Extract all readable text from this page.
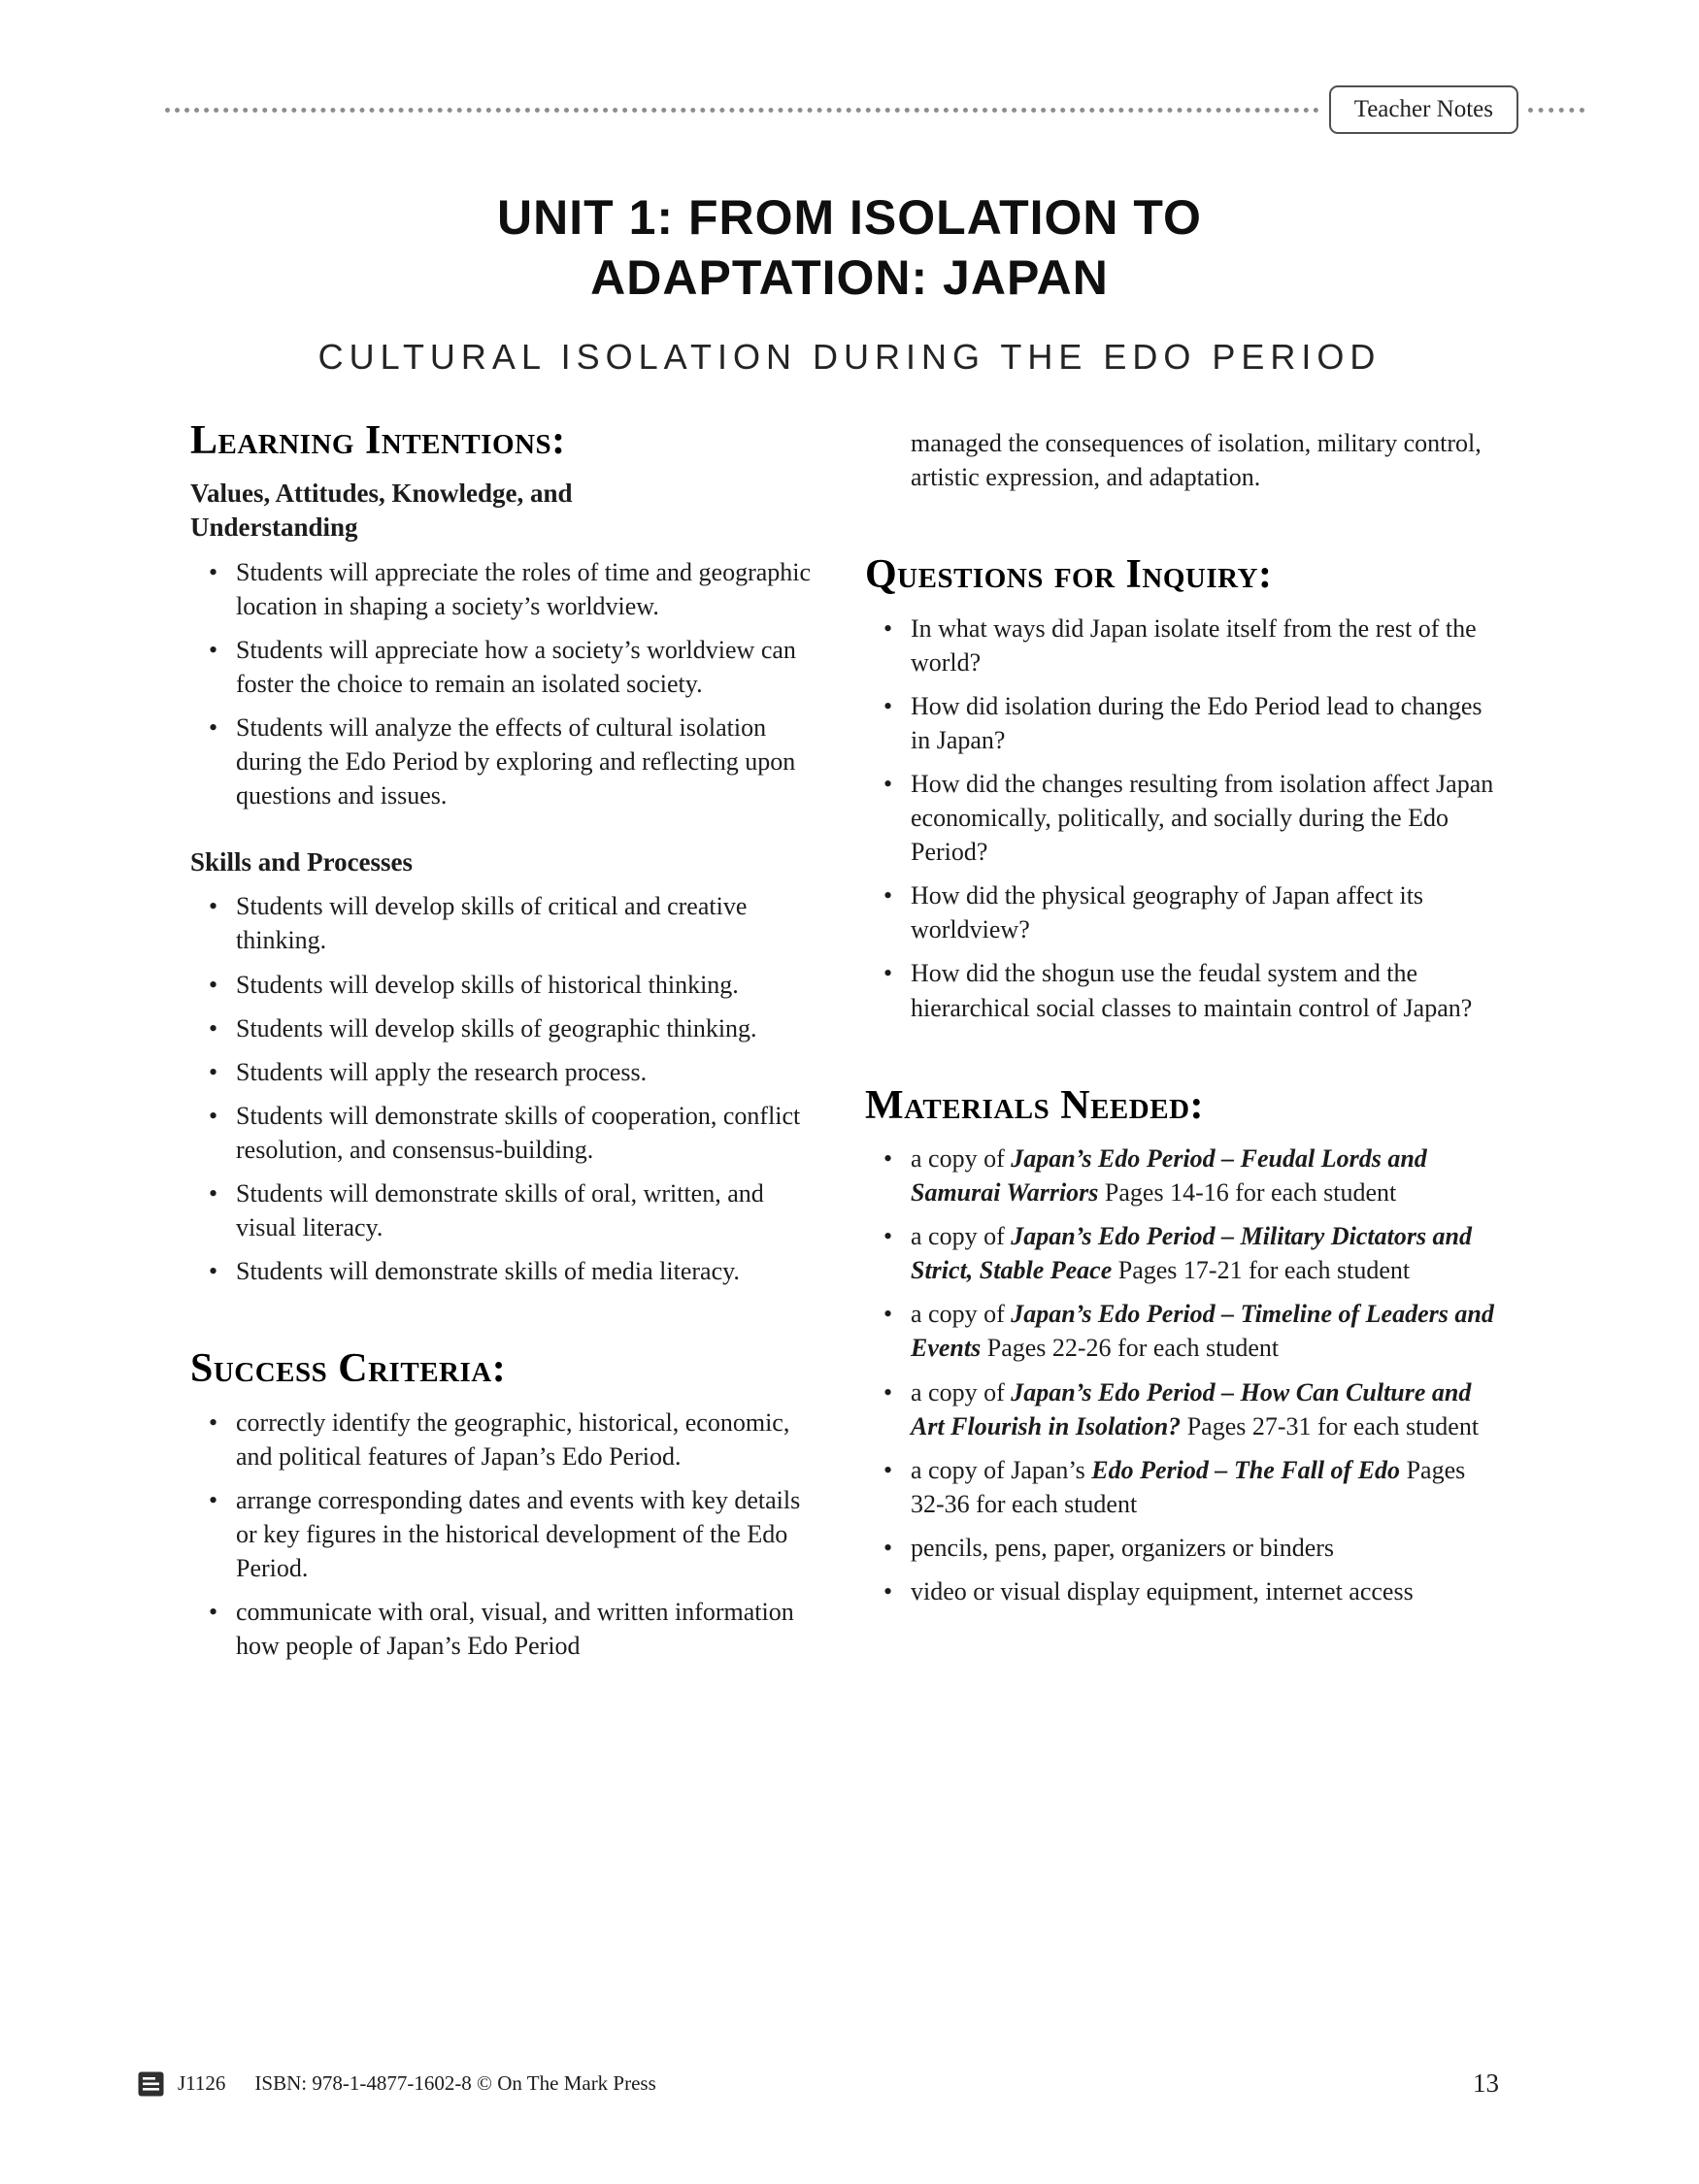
Teacher Notes
UNIT 1: FROM ISOLATION TO
ADAPTATION: JAPAN
CULTURAL ISOLATION DURING THE EDO PERIOD
Learning Intentions:
Values, Attitudes, Knowledge, and Understanding
• Students will appreciate the roles of time and geographic location in shaping a society’s worldview.
• Students will appreciate how a society’s worldview can foster the choice to remain an isolated society.
• Students will analyze the effects of cultural isolation during the Edo Period by exploring and reflecting upon questions and issues.
Skills and Processes
• Students will develop skills of critical and creative thinking.
• Students will develop skills of historical thinking.
• Students will develop skills of geographic thinking.
• Students will apply the research process.
• Students will demonstrate skills of cooperation, conflict resolution, and consensus-building.
• Students will demonstrate skills of oral, written, and visual literacy.
• Students will demonstrate skills of media literacy.
Success Criteria:
• correctly identify the geographic, historical, economic, and political features of Japan’s Edo Period.
• arrange corresponding dates and events with key details or key figures in the historical development of the Edo Period.
• communicate with oral, visual, and written information how people of Japan’s Edo Period

managed the consequences of isolation, military control, artistic expression, and adaptation.

Questions for Inquiry:
• In what ways did Japan isolate itself from the rest of the world?
• How did isolation during the Edo Period lead to changes in Japan?
• How did the changes resulting from isolation affect Japan economically, politically, and socially during the Edo Period?
• How did the physical geography of Japan affect its worldview?
• How did the shogun use the feudal system and the hierarchical social classes to maintain control of Japan?
Materials Needed:
• a copy of Japan’s Edo Period – Feudal Lords and Samurai Warriors Pages 14-16 for each student
• a copy of Japan’s Edo Period – Military Dictators and Strict, Stable Peace Pages 17-21 for each student
• a copy of Japan’s Edo Period – Timeline of Leaders and Events Pages 22-26 for each student
• a copy of Japan’s Edo Period – How Can Culture and Art Flourish in Isolation? Pages 27-31 for each student
• a copy of Japan’s Edo Period – The Fall of Edo Pages 32-36 for each student
• pencils, pens, paper, organizers or binders
• video or visual display equipment, internet access
J1126 ISBN: 978-1-4877-1602-8 © On The Mark Press	13
